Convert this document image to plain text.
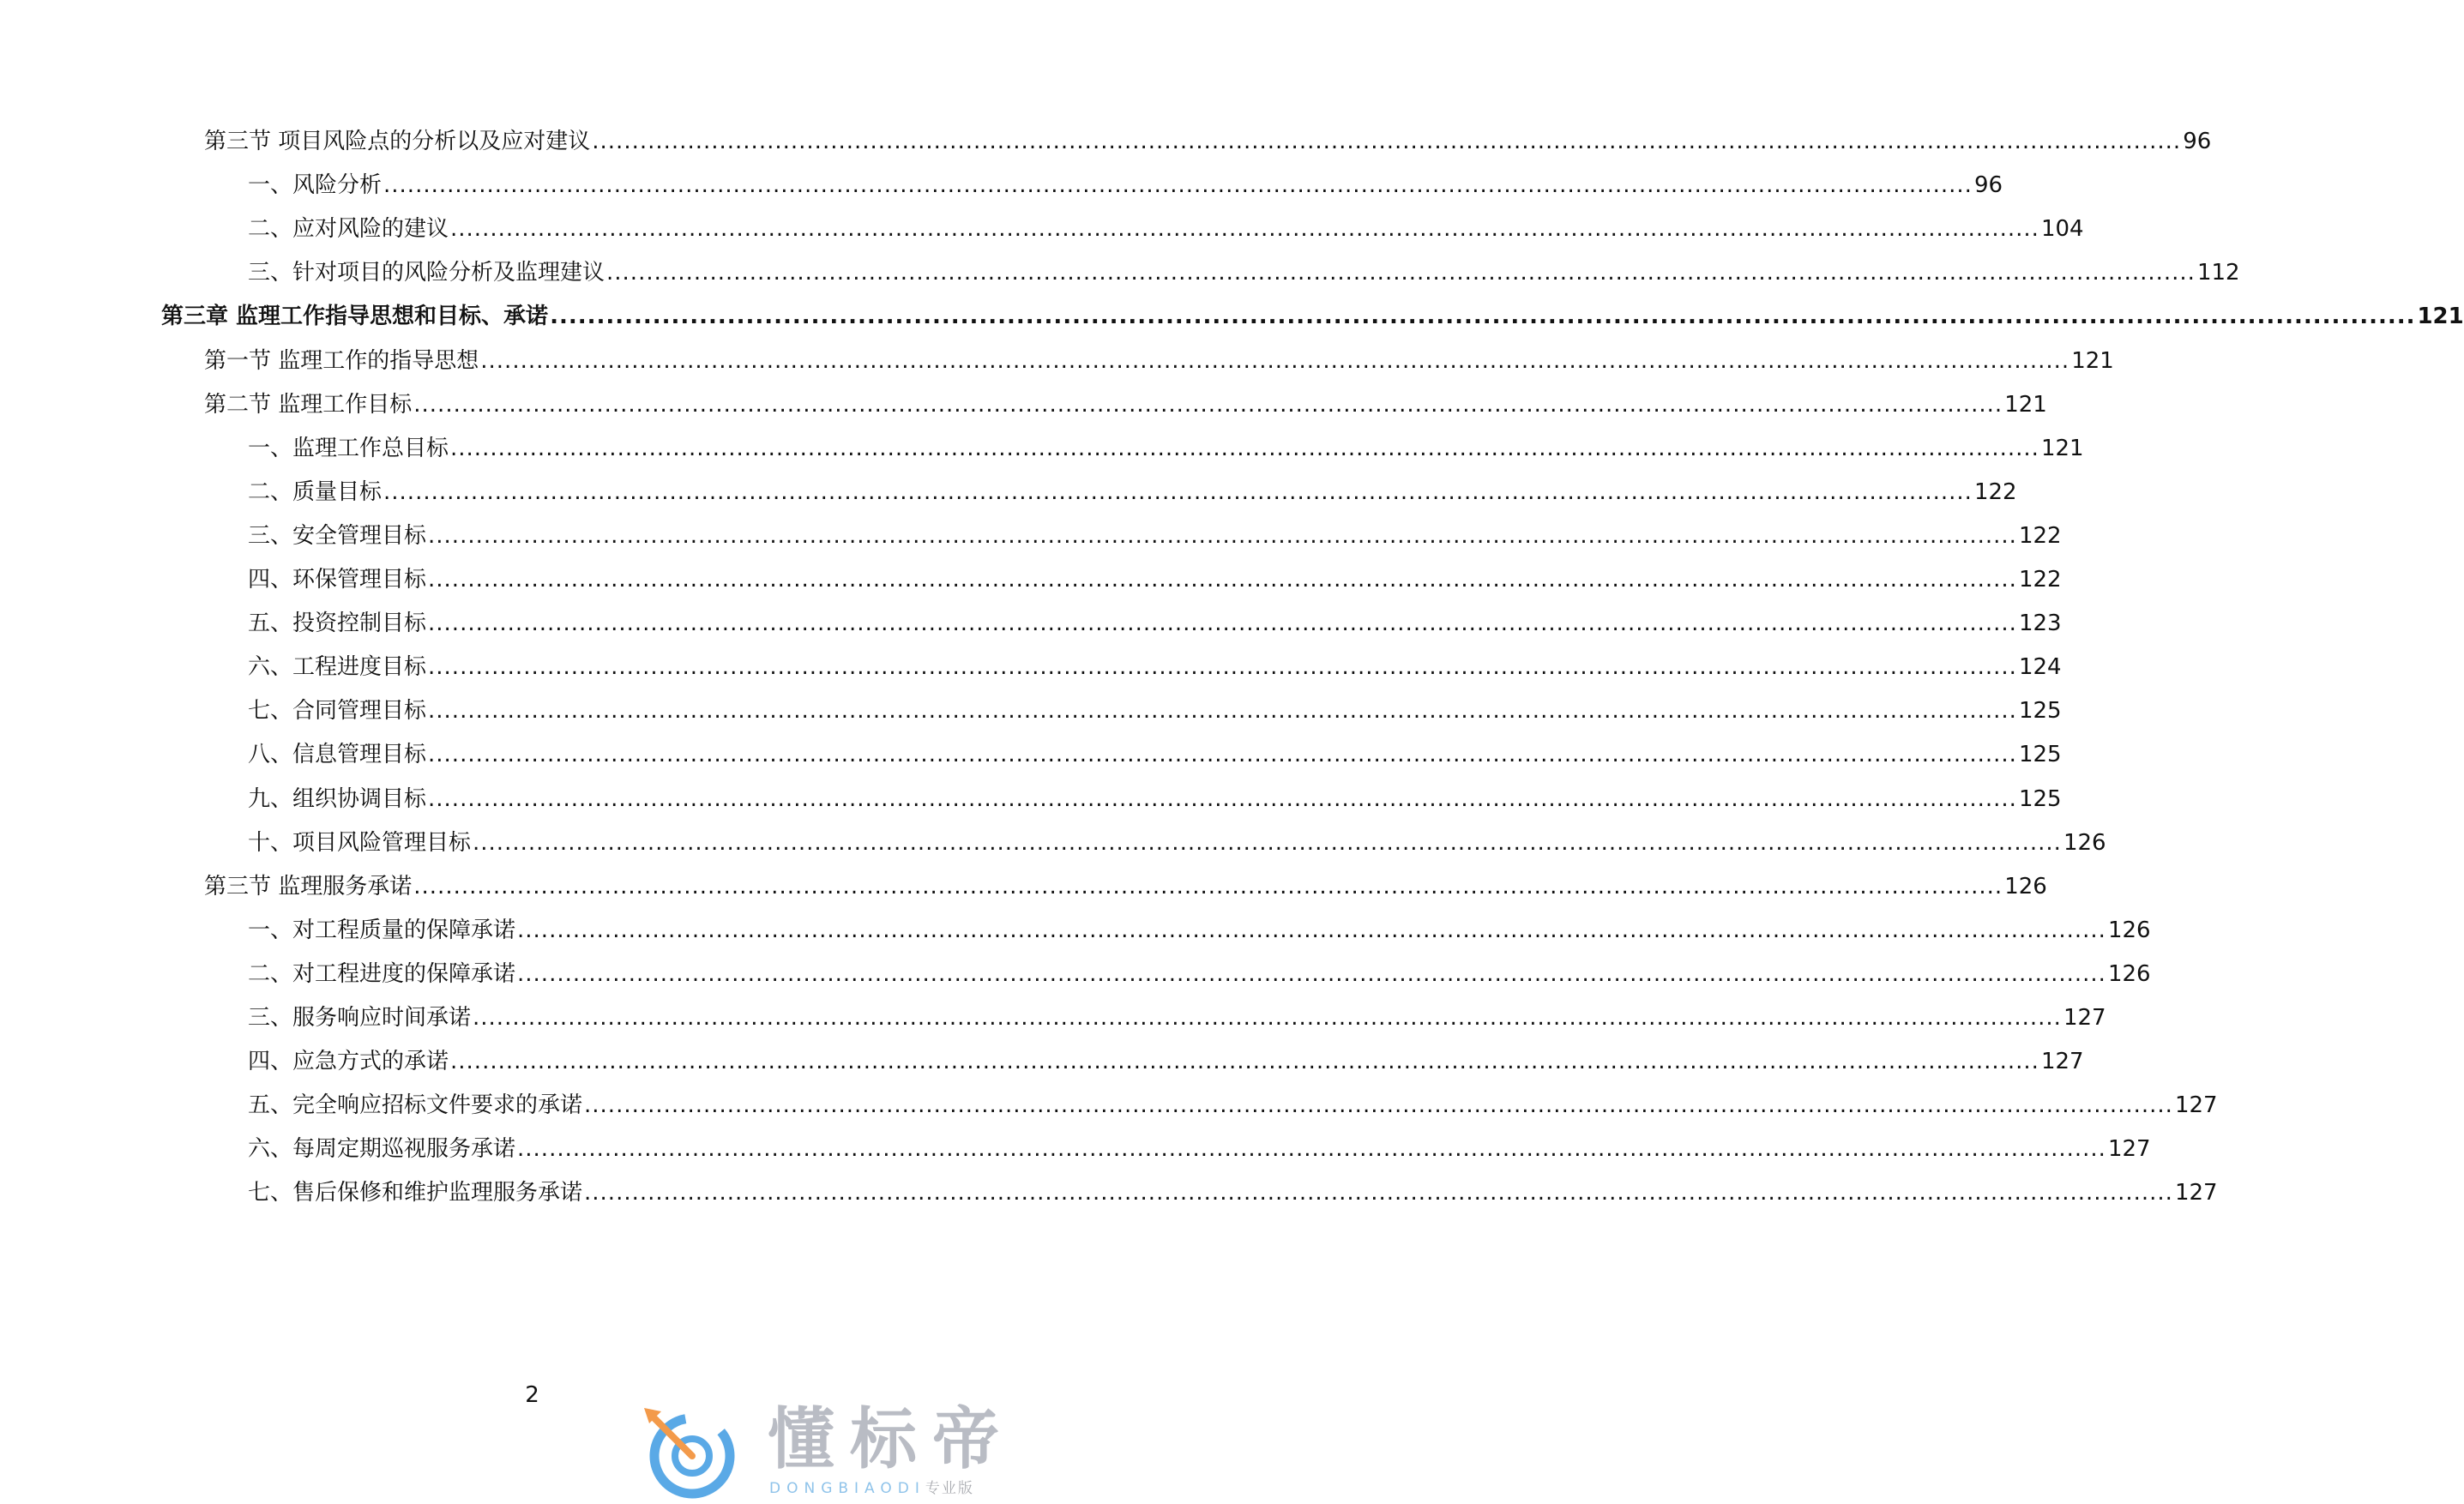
第三节 项目风险点的分析以及应对建议 ........................................................................................................................................................................................................ 96
一、风险分析 ........................................................................................................................................................................................................ 96
二、应对风险的建议 ........................................................................................................................................................................................................ 104
三、针对项目的风险分析及监理建议 ........................................................................................................................................................................................................ 112
第三章 监理工作指导思想和目标、承诺 ........................................................................................................................................................................................................ 121
第一节 监理工作的指导思想 ........................................................................................................................................................................................................ 121
第二节 监理工作目标 ........................................................................................................................................................................................................ 121
一、监理工作总目标 ........................................................................................................................................................................................................ 121
二、质量目标 ........................................................................................................................................................................................................ 122
三、安全管理目标 ........................................................................................................................................................................................................ 122
四、环保管理目标 ........................................................................................................................................................................................................ 122
五、投资控制目标 ........................................................................................................................................................................................................ 123
六、工程进度目标 ........................................................................................................................................................................................................ 124
七、合同管理目标 ........................................................................................................................................................................................................ 125
八、信息管理目标 ........................................................................................................................................................................................................ 125
九、组织协调目标 ........................................................................................................................................................................................................ 125
十、项目风险管理目标 ........................................................................................................................................................................................................ 126
第三节 监理服务承诺 ........................................................................................................................................................................................................ 126
一、对工程质量的保障承诺 ........................................................................................................................................................................................................ 126
二、对工程进度的保障承诺 ........................................................................................................................................................................................................ 126
三、服务响应时间承诺 ........................................................................................................................................................................................................ 127
四、应急方式的承诺 ........................................................................................................................................................................................................ 127
五、完全响应招标文件要求的承诺 ........................................................................................................................................................................................................ 127
六、每周定期巡视服务承诺 ........................................................................................................................................................................................................ 127
七、售后保修和维护监理服务承诺 ........................................................................................................................................................................................................ 127
2
懂标帝
DONGBIAODI专业版
